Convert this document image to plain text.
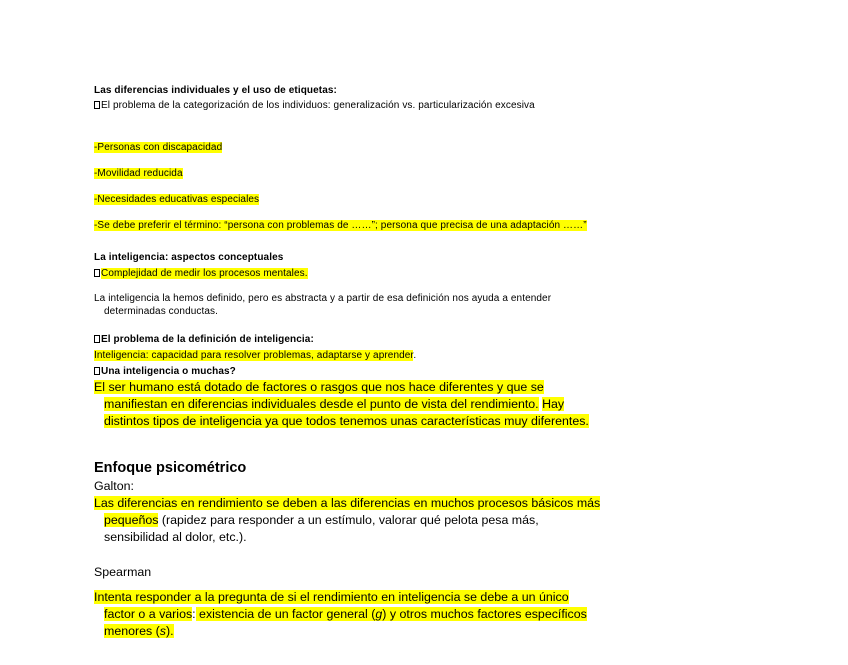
Las diferencias individuales y el uso de etiquetas:
El problema de la categorización de los individuos: generalización vs. particularización excesiva
-Personas con discapacidad
-Movilidad reducida
-Necesidades educativas especiales
-Se debe preferir el término: “persona con problemas de ……”; persona que precisa de una adaptación ……”
La inteligencia: aspectos conceptuales
Complejidad de medir los procesos mentales.
La inteligencia la hemos definido, pero es abstracta y a partir de esa definición nos ayuda a entender determinadas conductas.
El problema de la definición de inteligencia:
Inteligencia: capacidad para resolver problemas, adaptarse y aprender.
Una inteligencia o muchas?
El ser humano está dotado de factores o rasgos que nos hace diferentes y que se manifiestan en diferencias individuales desde el punto de vista del rendimiento. Hay distintos tipos de inteligencia ya que todos tenemos unas características muy diferentes.
Enfoque psicométrico
Galton:
Las diferencias en rendimiento se deben a las diferencias en muchos procesos básicos más pequeños (rapidez para responder a un estímulo, valorar qué pelota pesa más, sensibilidad al dolor, etc.).
Spearman
Intenta responder a la pregunta de si el rendimiento en inteligencia se debe a un único factor o a varios: existencia de un factor general (g) y otros muchos factores específicos menores (s).
